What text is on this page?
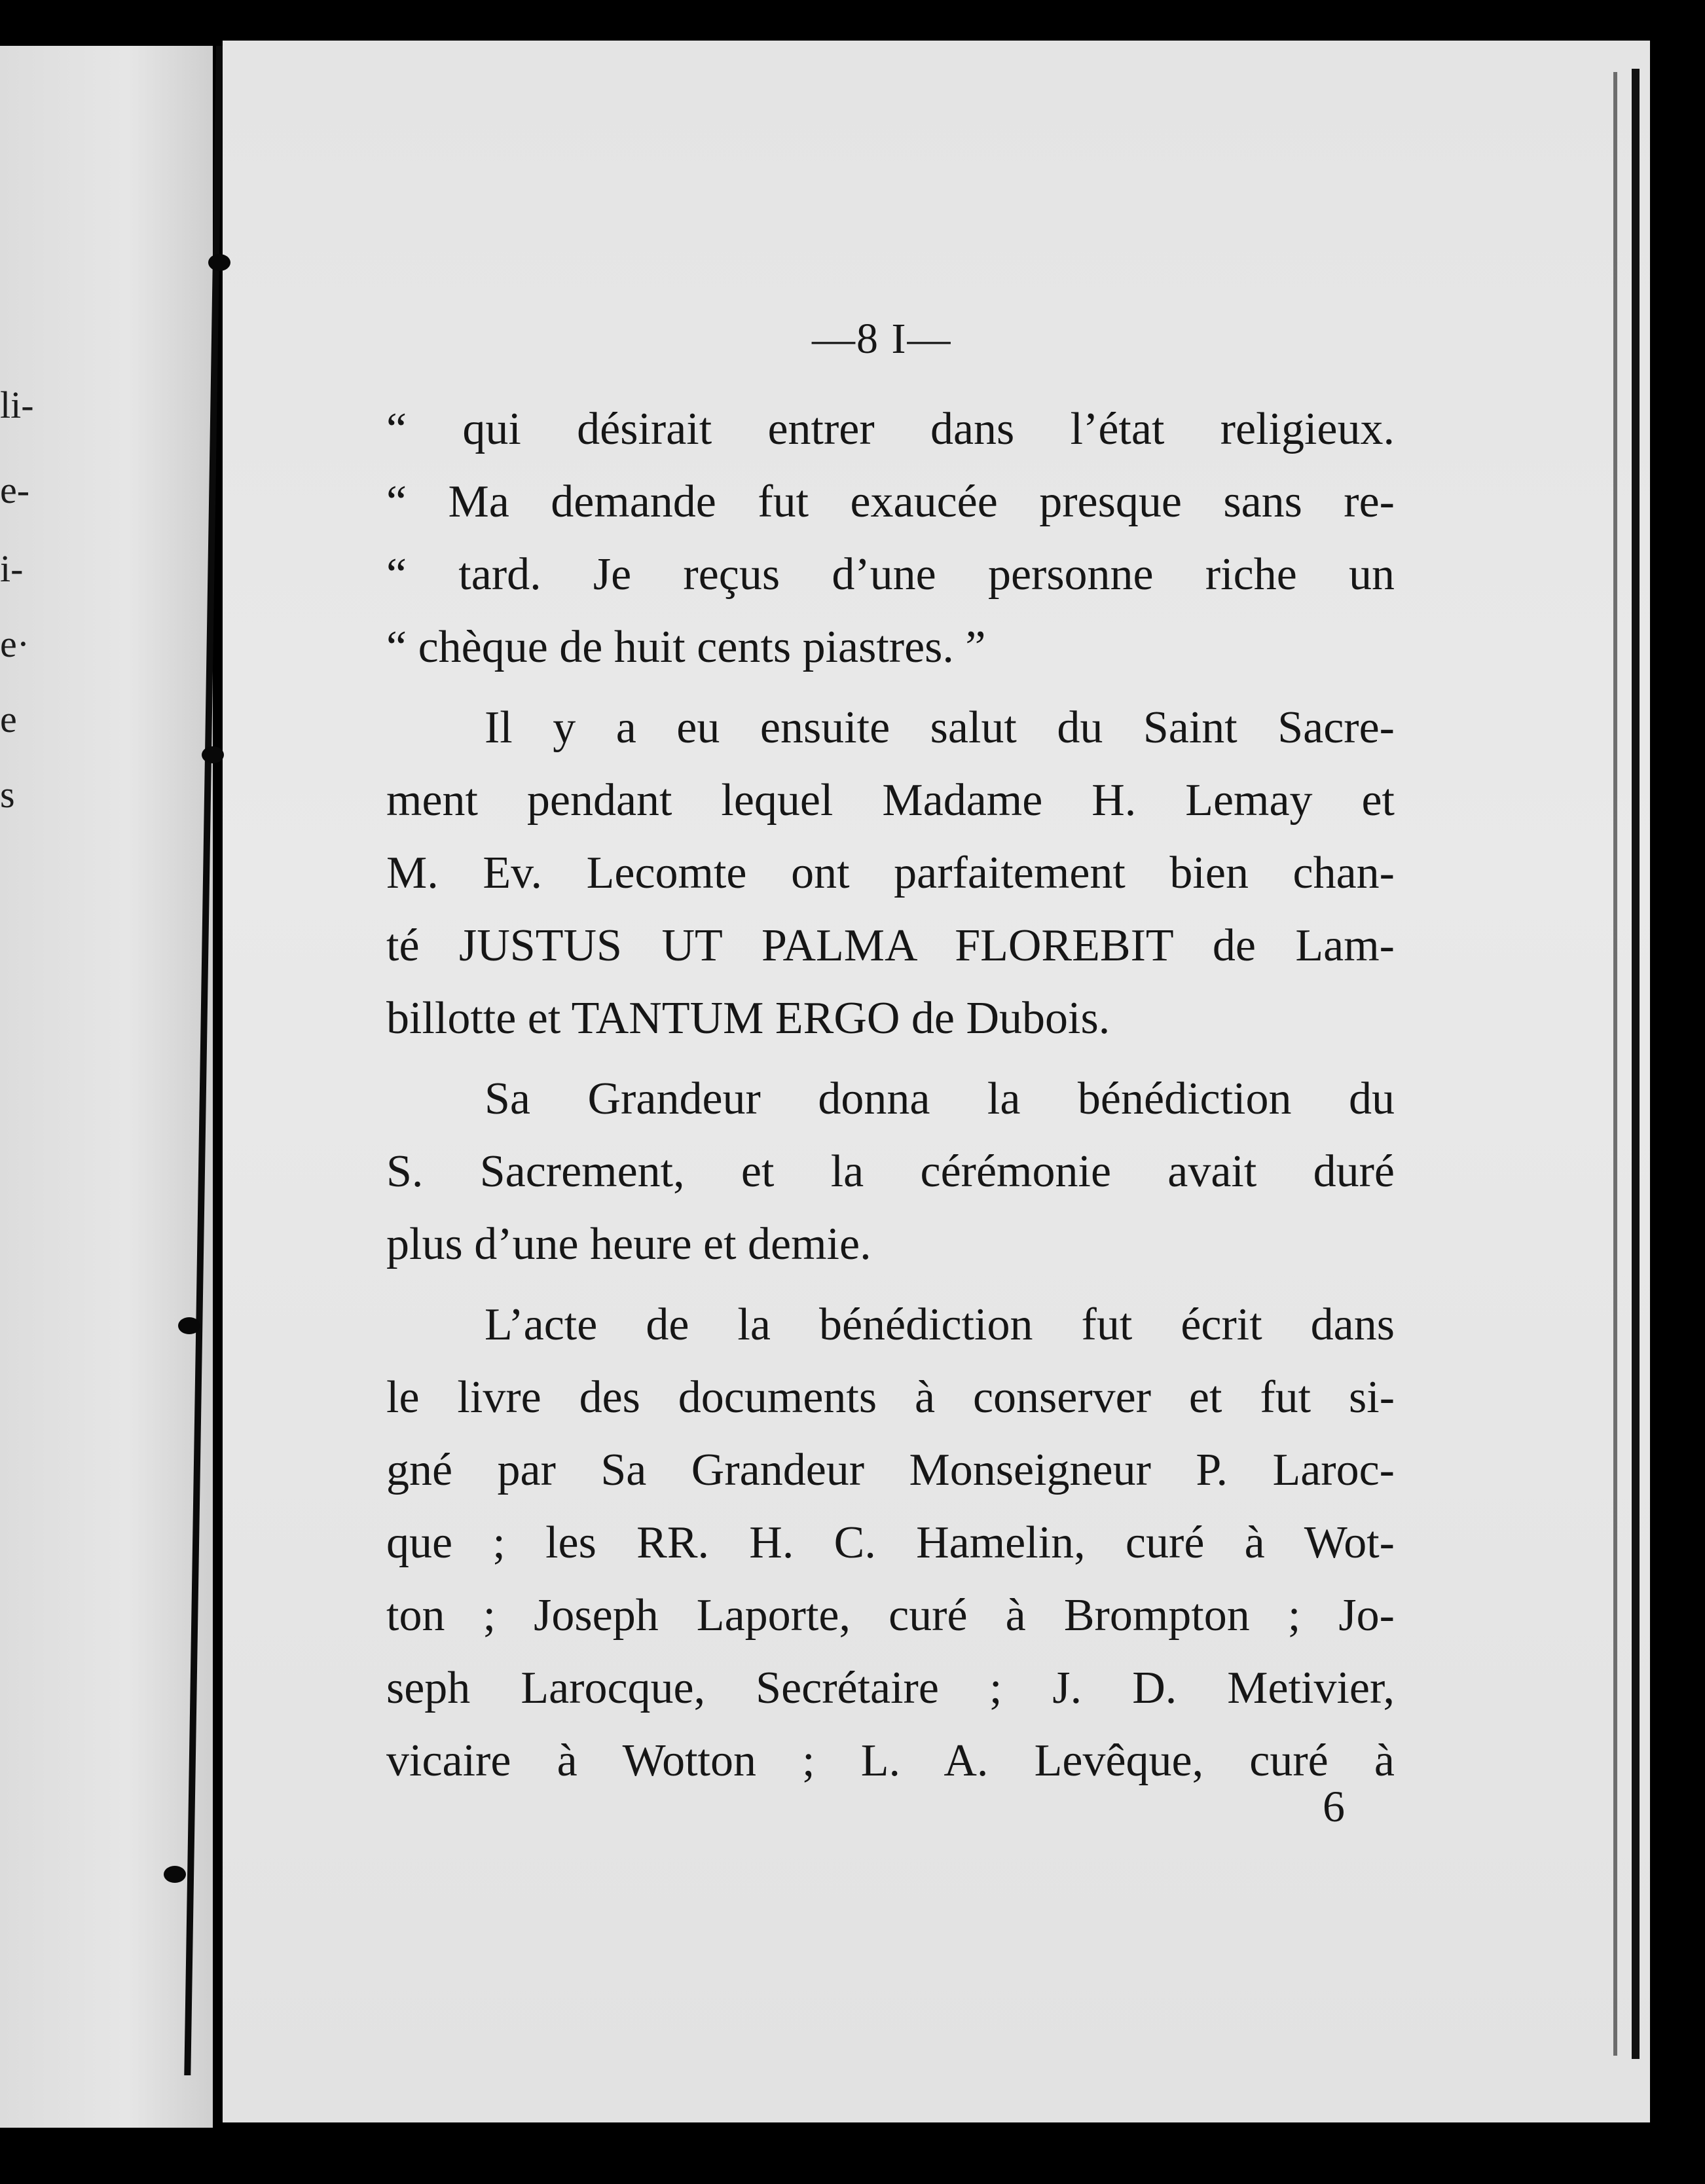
li-
e-
i-
e·
e
s
—8 I—
“ qui désirait entrer dans l’état religieux.
“ Ma demande fut exaucée presque sans re-
“ tard. Je reçus d’une personne riche un
“ chèque de huit cents piastres. ”
Il y a eu ensuite salut du Saint Sacre-
ment pendant lequel Madame H. Lemay et
M. Ev. Lecomte ont parfaitement bien chan-
té JUSTUS UT PALMA FLOREBIT de Lam-
billotte et TANTUM ERGO de Dubois.
Sa Grandeur donna la bénédiction du
S. Sacrement, et la cérémonie avait duré
plus d’une heure et demie.
L’acte de la bénédiction fut écrit dans
le livre des documents à conserver et fut si-
gné par Sa Grandeur Monseigneur P. Laroc-
que ; les RR. H. C. Hamelin, curé à Wot-
ton ; Joseph Laporte, curé à Brompton ; Jo-
seph Larocque, Secrétaire ; J. D. Metivier,
vicaire à Wotton ; L. A. Levêque, curé à
6
